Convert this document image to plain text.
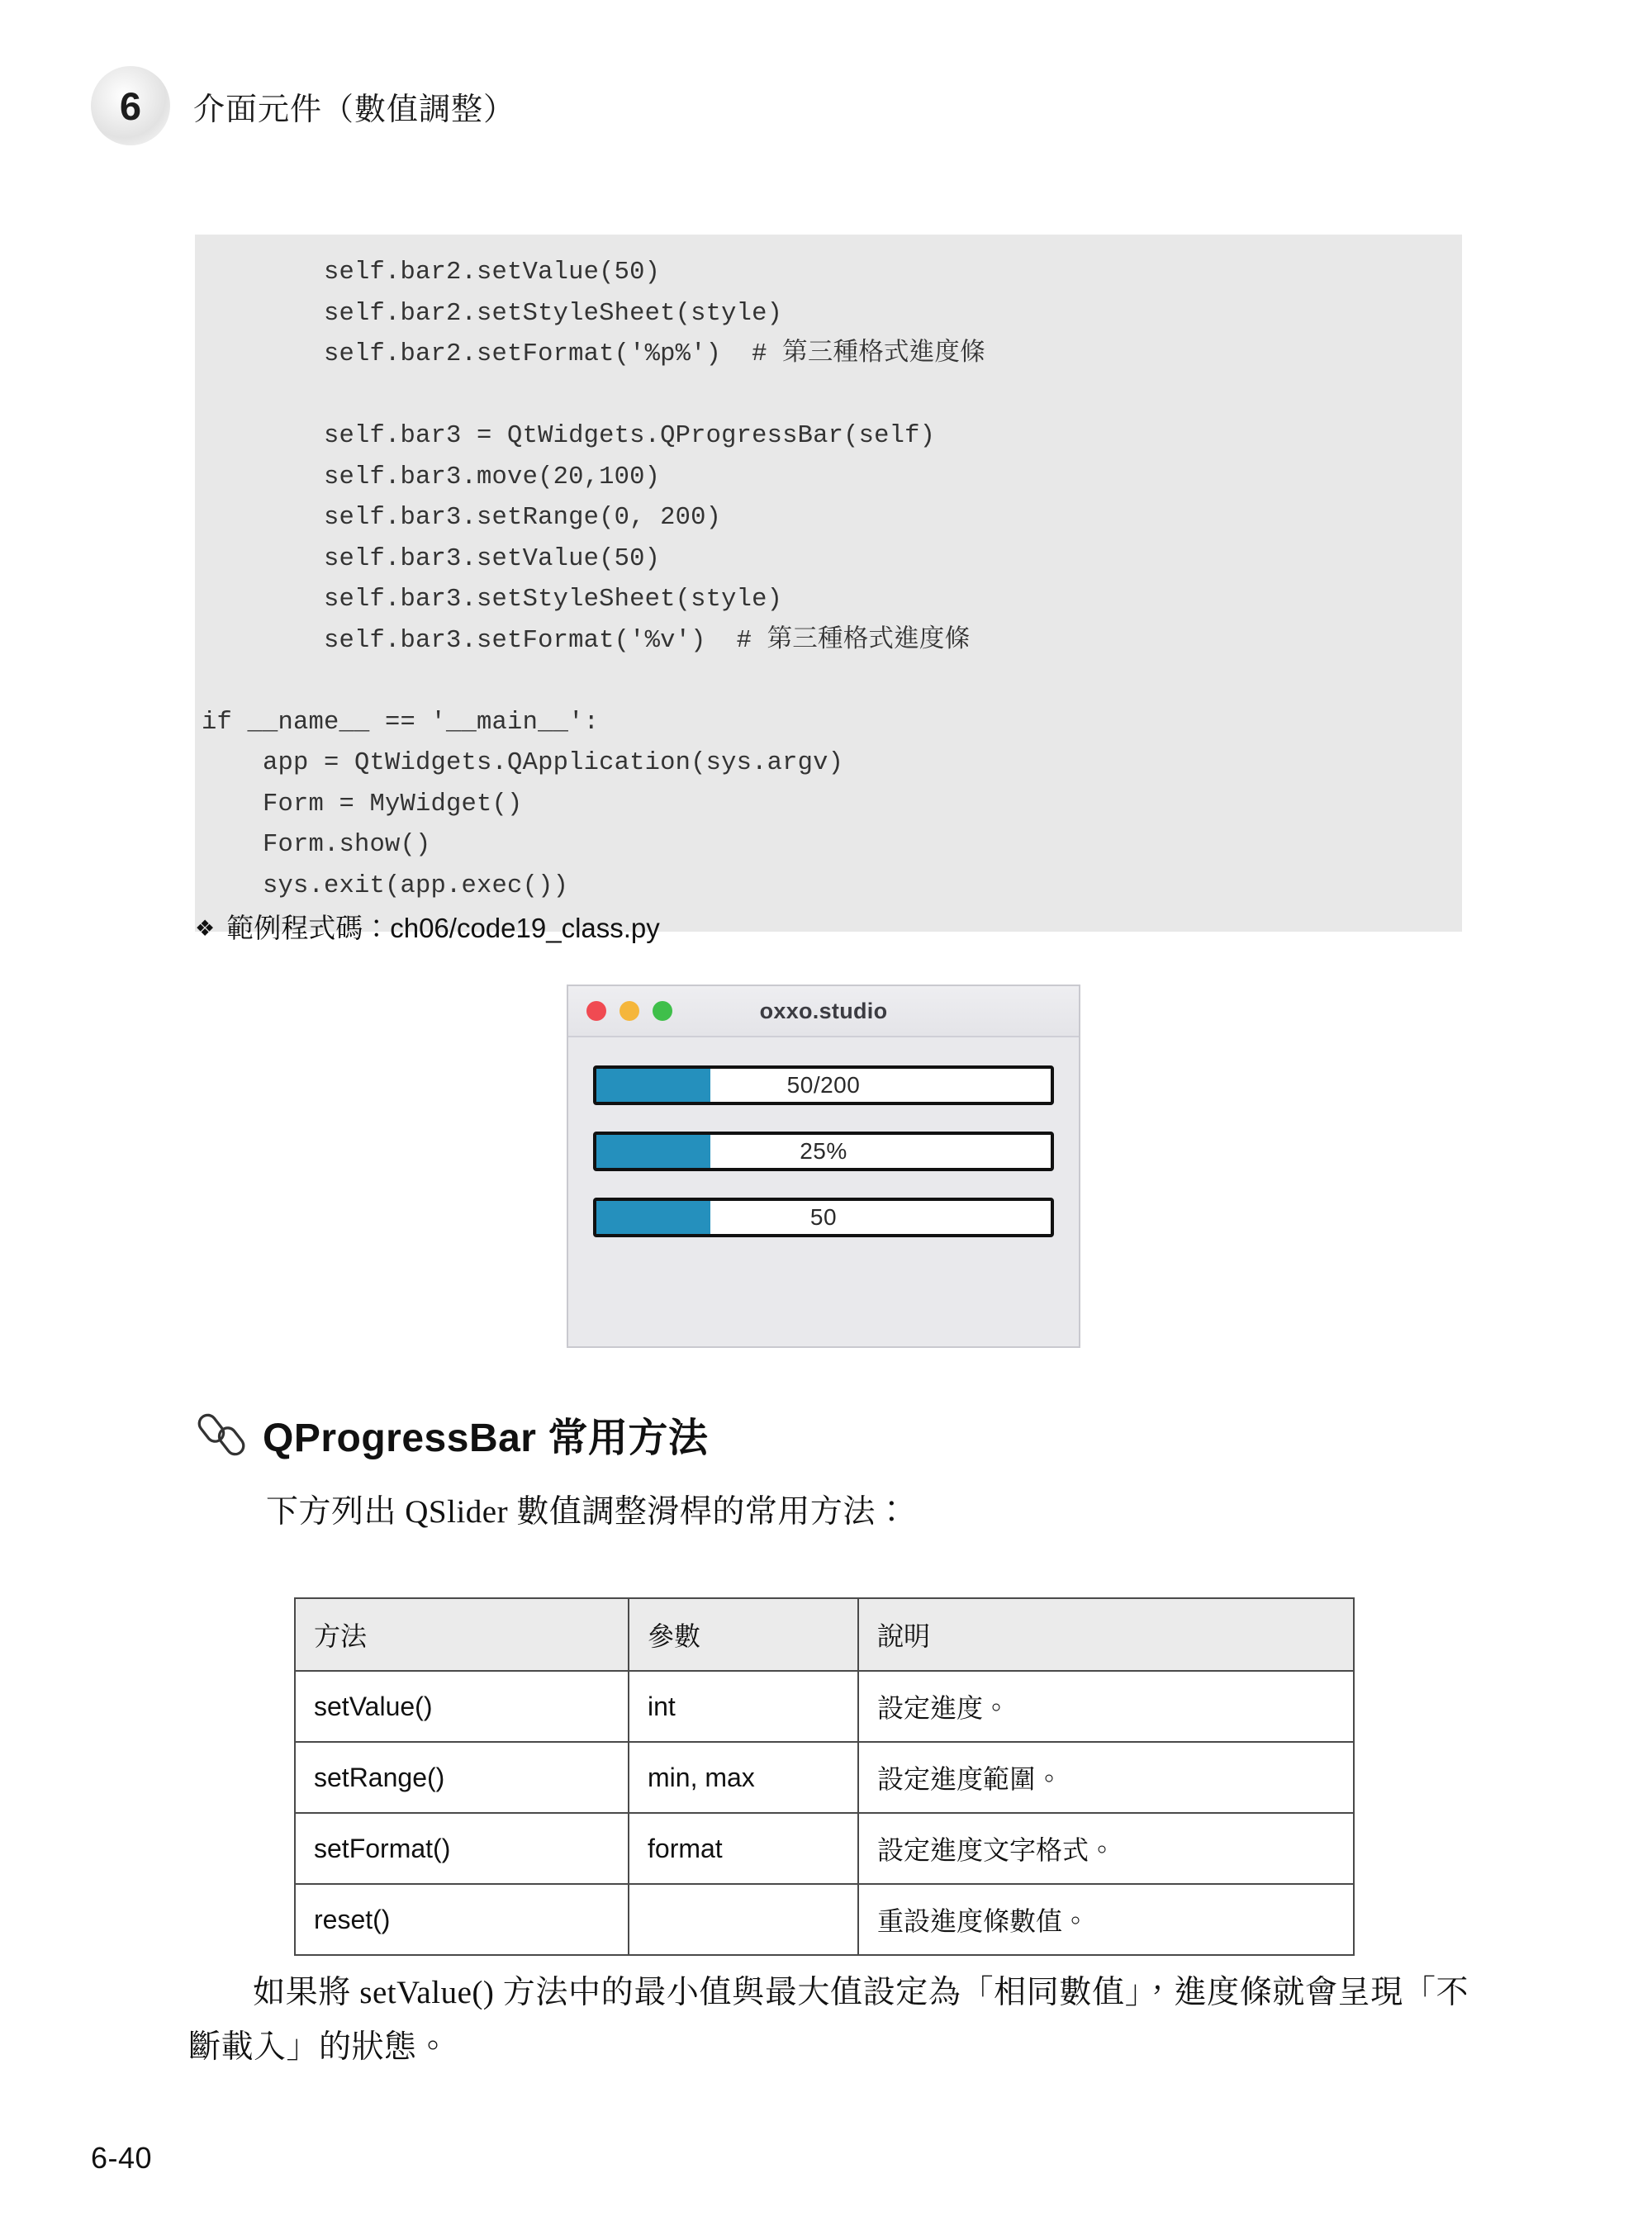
6	介面元件（數值調整）
self.bar2.setValue(50)
self.bar2.setStyleSheet(style)
self.bar2.setFormat('%p%')  # 第三種格式進度條

self.bar3 = QtWidgets.QProgressBar(self)
self.bar3.move(20,100)
self.bar3.setRange(0, 200)
self.bar3.setValue(50)
self.bar3.setStyleSheet(style)
self.bar3.setFormat('%v')  # 第三種格式進度條

if __name__ == '__main__':
app = QtWidgets.QApplication(sys.argv)
Form = MyWidget()
Form.show()
sys.exit(app.exec())
❖ 範例程式碼： ch06/code19_class.py
oxxo.studio
50/200
25%
50
QProgressBar 常用方法
下方列出 QSlider 數值調整滑桿的常用方法：
方法	參數	說明
setValue()	int	設定進度。
setRange()	min, max	設定進度範圍。
setFormat()	format	設定進度文字格式。
reset()		重設進度條數值。
如果將 setValue() 方法中的最小值與最大值設定為「相同數值」，進度條就會呈現「不斷載入」的狀態。
6-40
